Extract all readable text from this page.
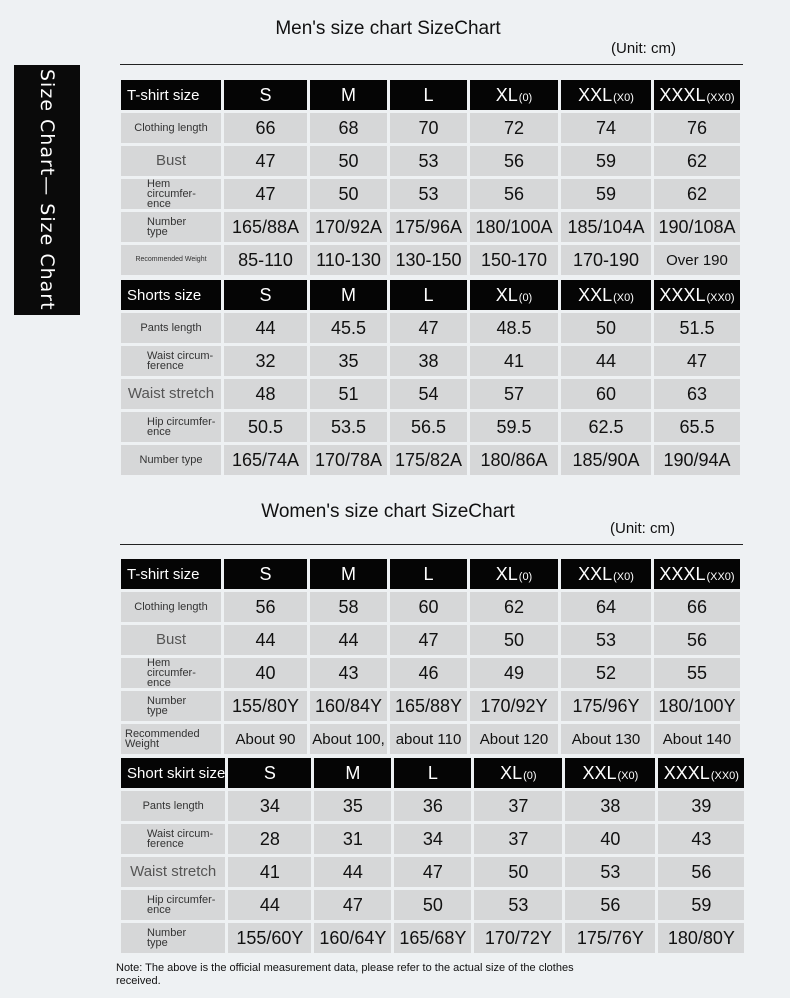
Size Chart— Size Chart
Men's size chart SizeChart
(Unit: cm)
T-shirt size	S	M	L	XL(0)	XXL(X0)	XXXL(XX0)
Clothing length	66	68	70	72	74	76
Bust	47	50	53	56	59	62
Hem circumfer-
ence	47	50	53	56	59	62
Number
type	165/88A	170/92A	175/96A	180/100A	185/104A	190/108A
Recommended Weight	85-110	110-130	130-150	150-170	170-190	Over 190
Shorts size	S	M	L	XL(0)	XXL(X0)	XXXL(XX0)
Pants length	44	45.5	47	48.5	50	51.5
Waist circum-
ference	32	35	38	41	44	47
Waist stretch	48	51	54	57	60	63
Hip circumfer-
ence	50.5	53.5	56.5	59.5	62.5	65.5
Number type	165/74A	170/78A	175/82A	180/86A	185/90A	190/94A
Women's size chart SizeChart
(Unit: cm)
T-shirt size	S	M	L	XL(0)	XXL(X0)	XXXL(XX0)
Clothing length	56	58	60	62	64	66
Bust	44	44	47	50	53	56
Hem circumfer-
ence	40	43	46	49	52	55
Number
type	155/80Y	160/84Y	165/88Y	170/92Y	175/96Y	180/100Y
Recommended
Weight	About 90	About 100,	about 110	About 120	About 130	About 140
Short skirt size	S	M	L	XL(0)	XXL(X0)	XXXL(XX0)
Pants length	34	35	36	37	38	39
Waist circum-
ference	28	31	34	37	40	43
Waist stretch	41	44	47	50	53	56
Hip circumfer-
ence	44	47	50	53	56	59
Number
type	155/60Y	160/64Y	165/68Y	170/72Y	175/76Y	180/80Y
Note: The above is the official measurement data, please refer to the actual size of the clothes received.
